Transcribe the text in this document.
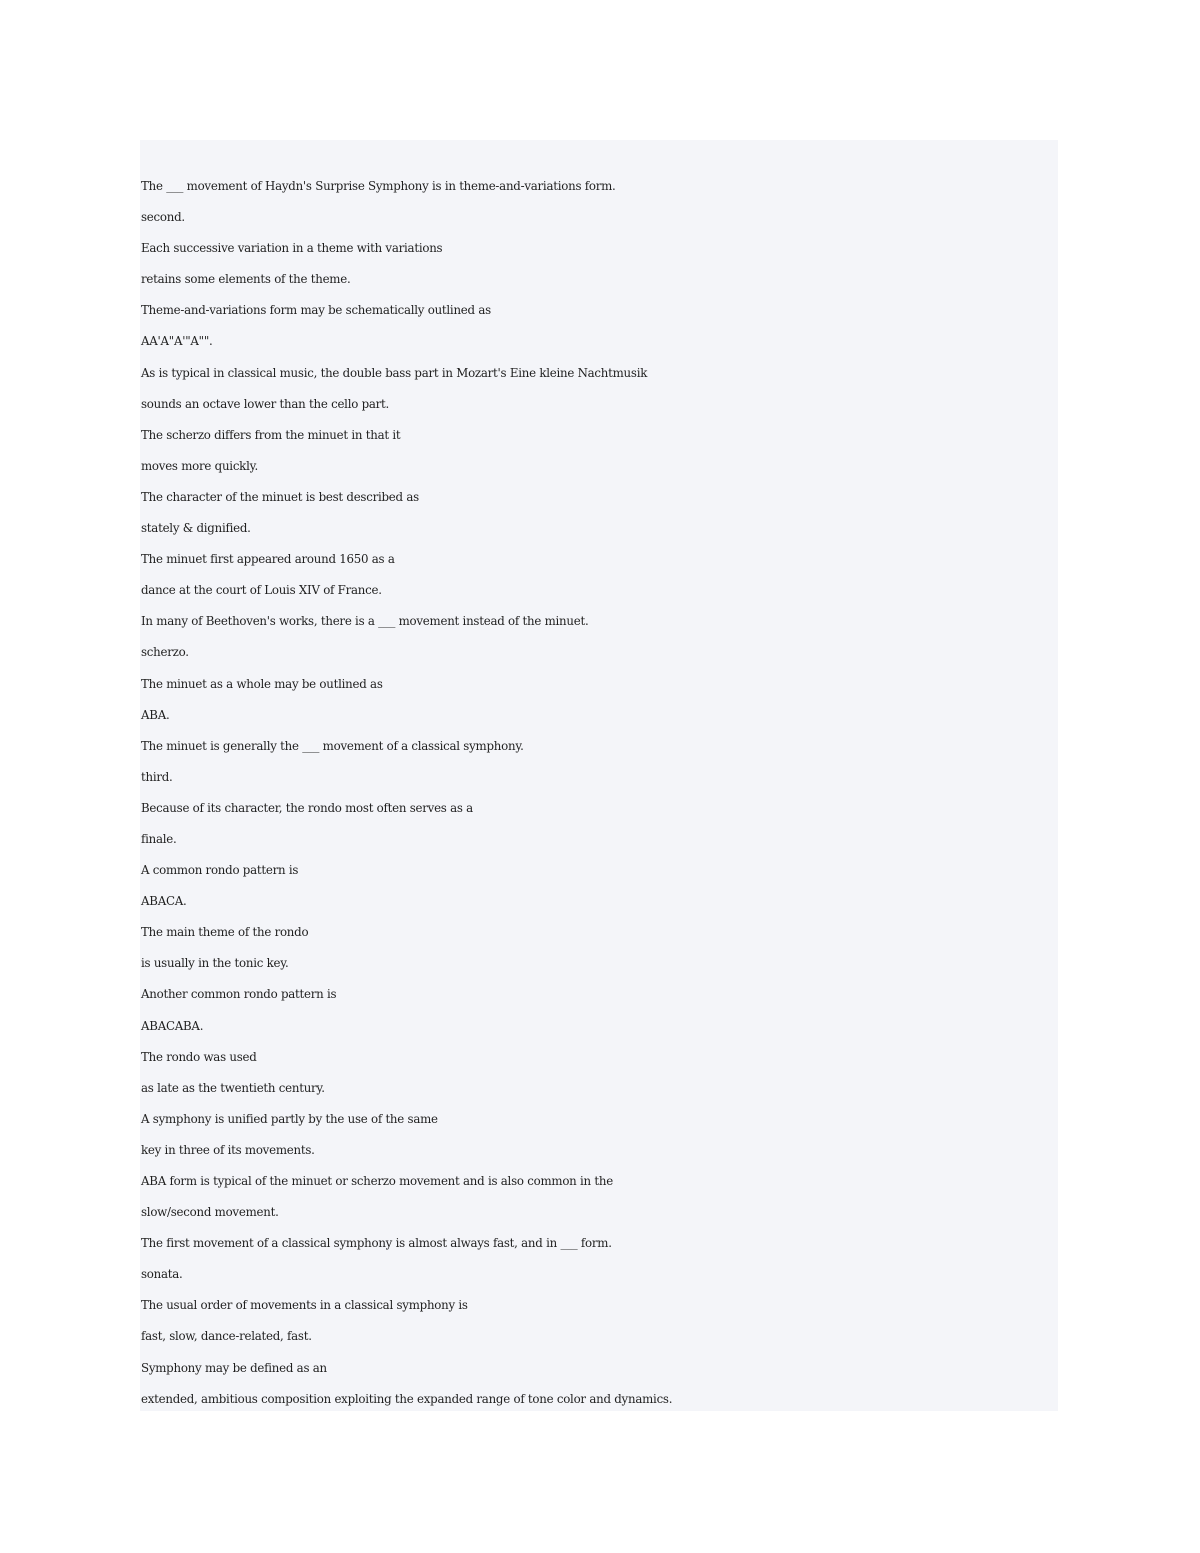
The ___ movement of Haydn's Surprise Symphony is in theme-and-variations form.

second.

Each successive variation in a theme with variations

retains some elements of the theme.

Theme-and-variations form may be schematically outlined as

AA'A"A'"A"".

As is typical in classical music, the double bass part in Mozart's Eine kleine Nachtmusik

sounds an octave lower than the cello part.

The scherzo differs from the minuet in that it

moves more quickly.

The character of the minuet is best described as

stately & dignified.

The minuet first appeared around 1650 as a

dance at the court of Louis XIV of France.

In many of Beethoven's works, there is a ___ movement instead of the minuet.

scherzo.

The minuet as a whole may be outlined as

ABA.

The minuet is generally the ___ movement of a classical symphony.

third.

Because of its character, the rondo most often serves as a

finale.

A common rondo pattern is

ABACA.

The main theme of the rondo

is usually in the tonic key.

Another common rondo pattern is

ABACABA.

The rondo was used

as late as the twentieth century.

A symphony is unified partly by the use of the same

key in three of its movements.

ABA form is typical of the minuet or scherzo movement and is also common in the

slow/second movement.

The first movement of a classical symphony is almost always fast, and in ___ form.

sonata.

The usual order of movements in a classical symphony is

fast, slow, dance-related, fast.

Symphony may be defined as an

extended, ambitious composition exploiting the expanded range of tone color and dynamics.
